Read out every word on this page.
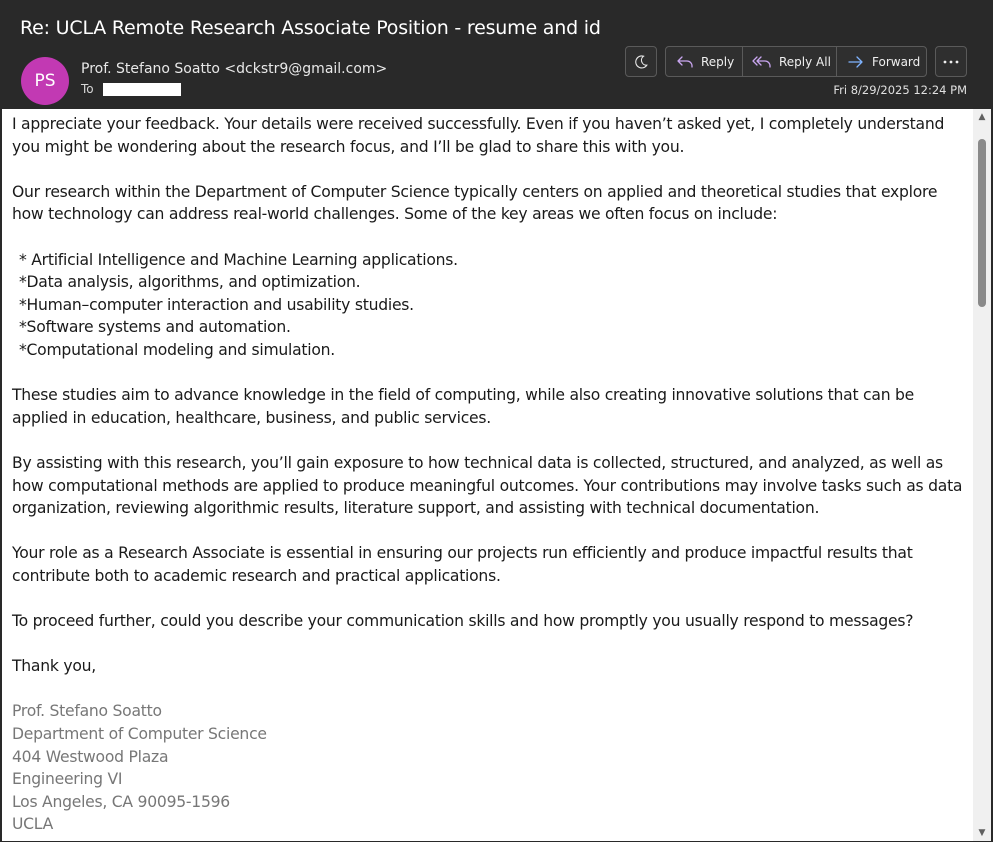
Re: UCLA Remote Research Associate Position - resume and id
PS
Prof. Stefano Soatto <dckstr9@gmail.com>
To
Reply	Reply All	Forward
Fri 8/29/2025 12:24 PM

I appreciate your feedback. Your details were received successfully. Even if you haven’t asked yet, I completely understand you might be wondering about the research focus, and I’ll be glad to share this with you.

Our research within the Department of Computer Science typically centers on applied and theoretical studies that explore how technology can address real-world challenges. Some of the key areas we often focus on include:

* Artificial Intelligence and Machine Learning applications.
*Data analysis, algorithms, and optimization.
*Human–computer interaction and usability studies.
*Software systems and automation.
*Computational modeling and simulation.

These studies aim to advance knowledge in the field of computing, while also creating innovative solutions that can be applied in education, healthcare, business, and public services.

By assisting with this research, you’ll gain exposure to how technical data is collected, structured, and analyzed, as well as how computational methods are applied to produce meaningful outcomes. Your contributions may involve tasks such as data organization, reviewing algorithmic results, literature support, and assisting with technical documentation.

Your role as a Research Associate is essential in ensuring our projects run efficiently and produce impactful results that contribute both to academic research and practical applications.

To proceed further, could you describe your communication skills and how promptly you usually respond to messages?

Thank you,

Prof. Stefano Soatto
Department of Computer Science
404 Westwood Plaza
Engineering VI
Los Angeles, CA 90095-1596
UCLA
▲
▼
